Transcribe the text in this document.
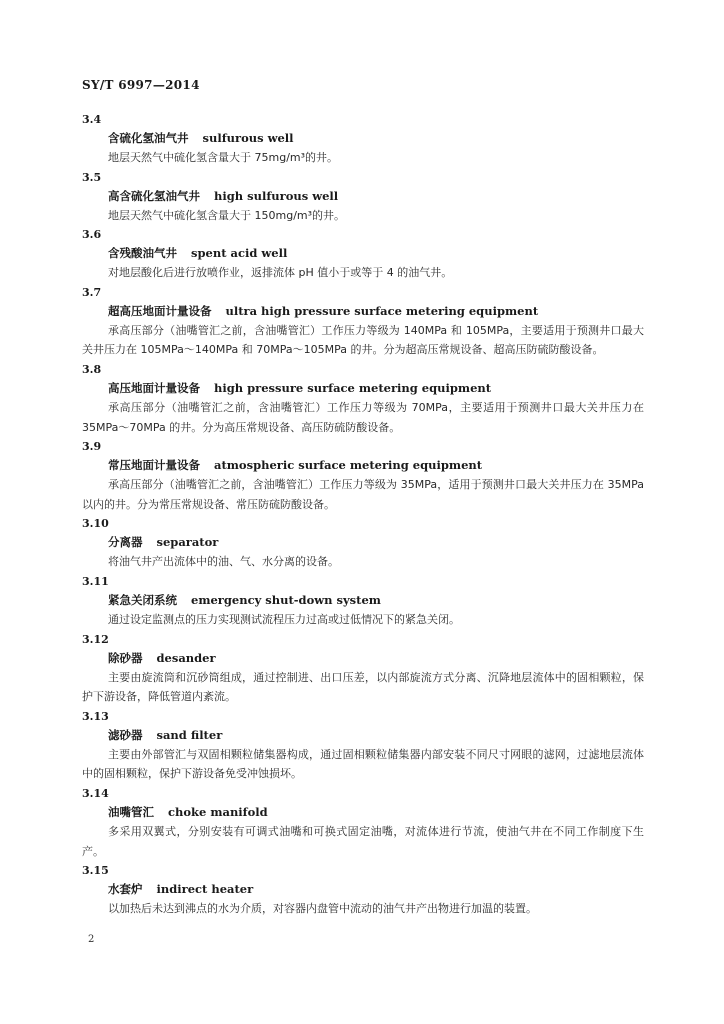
SY/T 6997—2014
3.4
含硫化氢油气井 sulfurous well
地层天然气中硫化氢含量大于 75mg/m³的井。
3.5
高含硫化氢油气井 high sulfurous well
地层天然气中硫化氢含量大于 150mg/m³的井。
3.6
含残酸油气井 spent acid well
对地层酸化后进行放喷作业，返排流体 pH 值小于或等于 4 的油气井。
3.7
超高压地面计量设备 ultra high pressure surface metering equipment
承高压部分（油嘴管汇之前，含油嘴管汇）工作压力等级为 140MPa 和 105MPa，主要适用于预测井口最大关井压力在 105MPa～140MPa 和 70MPa～105MPa 的井。分为超高压常规设备、超高压防硫防酸设备。
3.8
高压地面计量设备 high pressure surface metering equipment
承高压部分（油嘴管汇之前，含油嘴管汇）工作压力等级为 70MPa，主要适用于预测井口最大关井压力在 35MPa～70MPa 的井。分为高压常规设备、高压防硫防酸设备。
3.9
常压地面计量设备 atmospheric surface metering equipment
承高压部分（油嘴管汇之前，含油嘴管汇）工作压力等级为 35MPa，适用于预测井口最大关井压力在 35MPa 以内的井。分为常压常规设备、常压防硫防酸设备。
3.10
分离器 separator
将油气井产出流体中的油、气、水分离的设备。
3.11
紧急关闭系统 emergency shut-down system
通过设定监测点的压力实现测试流程压力过高或过低情况下的紧急关闭。
3.12
除砂器 desander
主要由旋流筒和沉砂筒组成，通过控制进、出口压差，以内部旋流方式分离、沉降地层流体中的固相颗粒，保护下游设备，降低管道内紊流。
3.13
滤砂器 sand filter
主要由外部管汇与双固相颗粒储集器构成，通过固相颗粒储集器内部安装不同尺寸网眼的滤网，过滤地层流体中的固相颗粒，保护下游设备免受冲蚀损坏。
3.14
油嘴管汇 choke manifold
多采用双翼式，分别安装有可调式油嘴和可换式固定油嘴，对流体进行节流，使油气井在不同工作制度下生产。
3.15
水套炉 indirect heater
以加热后未达到沸点的水为介质，对容器内盘管中流动的油气井产出物进行加温的装置。
2
